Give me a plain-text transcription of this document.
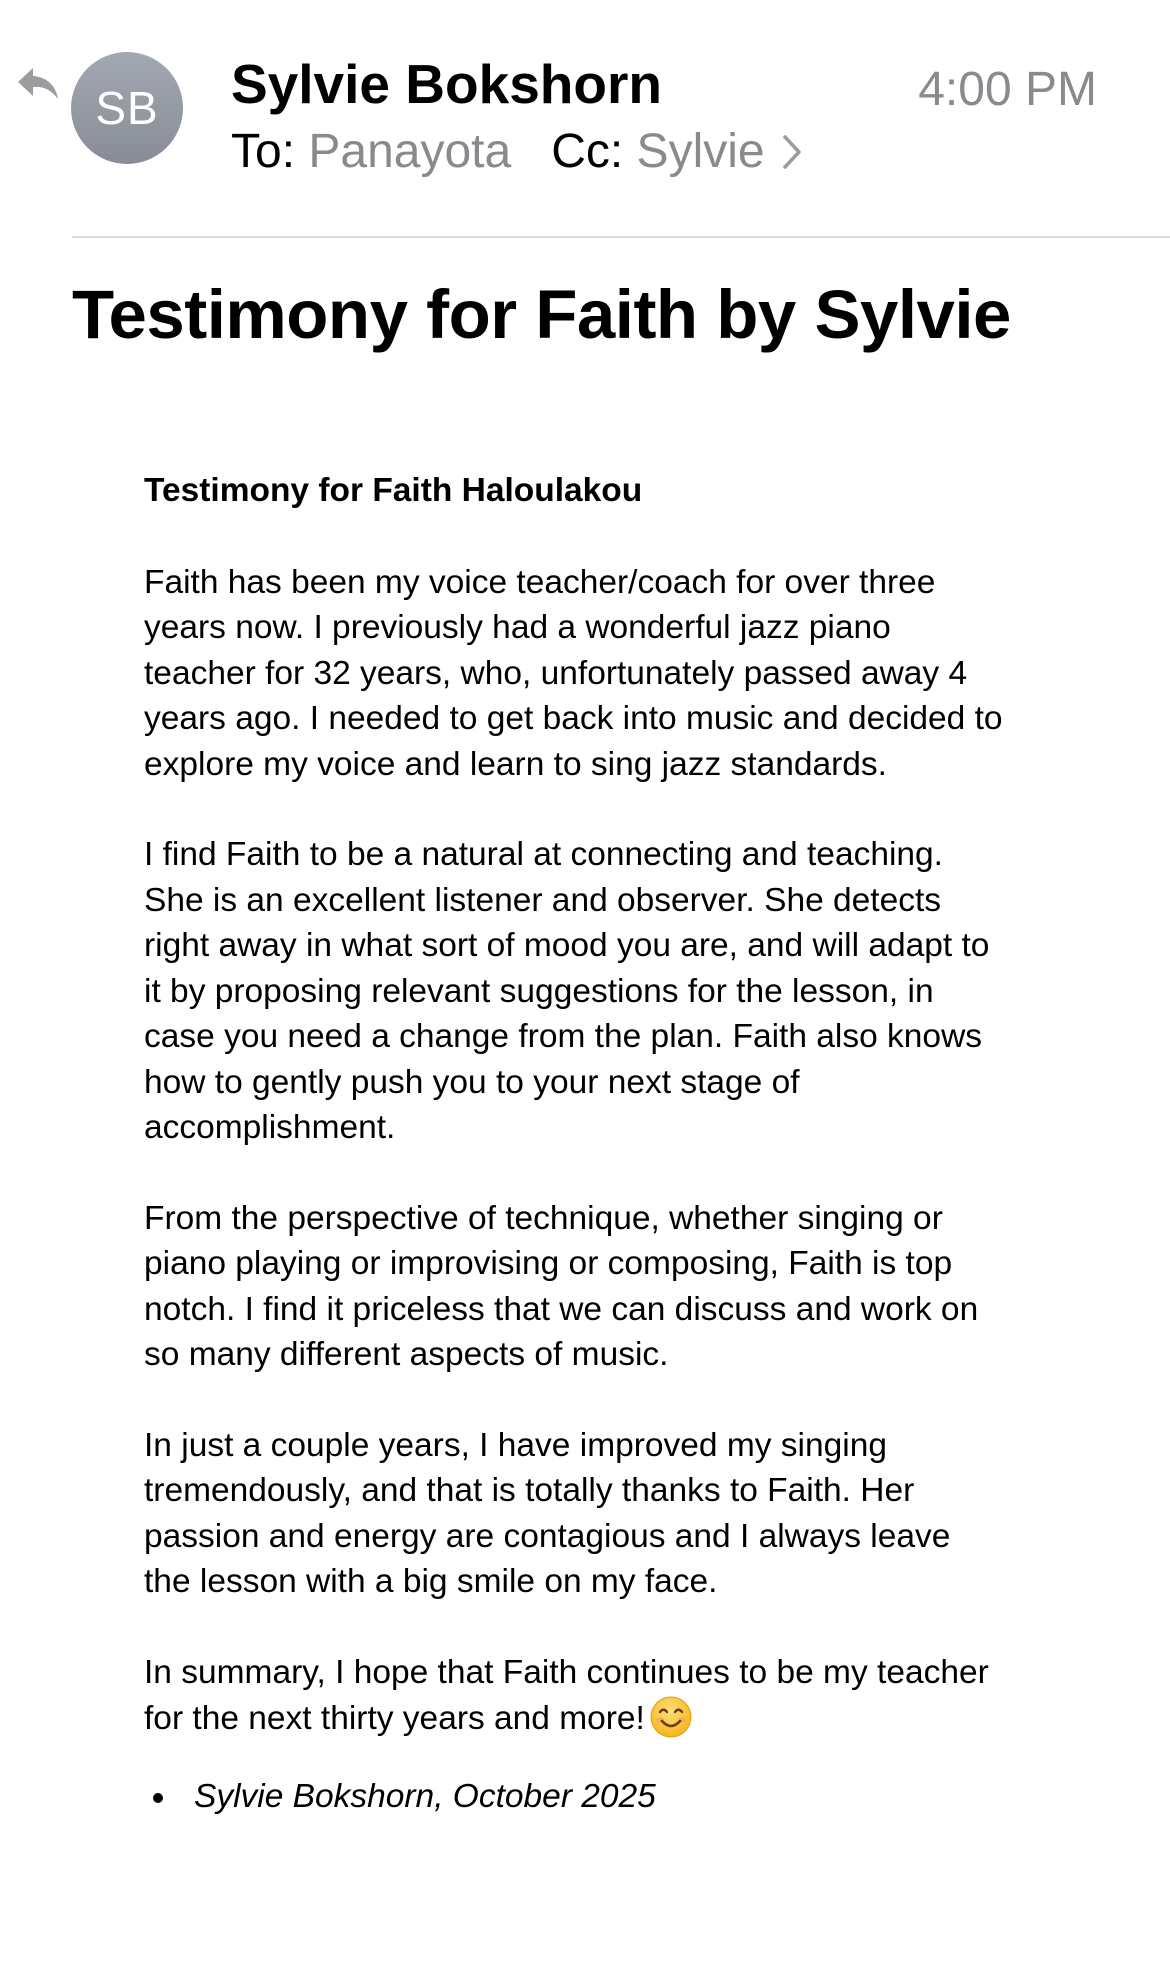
SB Sylvie Bokshorn	4:00 PM
To:
Panayota Cc:
Sylvie
Testimony for Faith by Sylvie

Testimony for Faith Haloulakou

Faith has been my voice teacher/coach for over three years now. I previously had a wonderful jazz piano teacher for 32 years, who, unfortunately passed away 4 years ago. I needed to get back into music and decided to explore my voice and learn to sing jazz standards.

I find Faith to be a natural at connecting and teaching. She is an excellent listener and observer. She detects right away in what sort of mood you are, and will adapt to it by proposing relevant suggestions for the lesson, in case you need a change from the plan. Faith also knows how to gently push you to your next stage of accomplishment.

From the perspective of technique, whether singing or piano playing or improvising or composing, Faith is top notch. I find it priceless that we can discuss and work on so many different aspects of music.

In just a couple years, I have improved my singing tremendously, and that is totally thanks to Faith. Her passion and energy are contagious and I always leave the lesson with a big smile on my face.

In summary, I hope that Faith continues to be my teacher for the next thirty years and more!

Sylvie Bokshorn, October 2025
